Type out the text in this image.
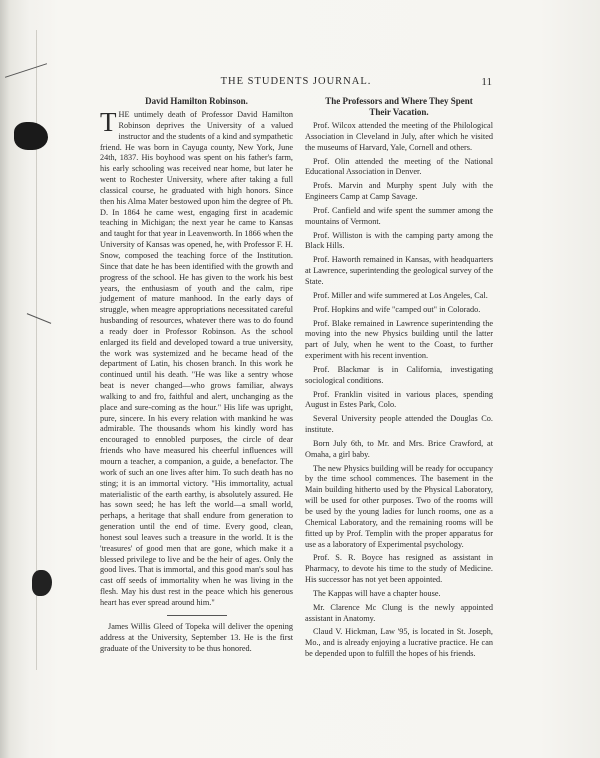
THE STUDENTS JOURNAL.	11
David Hamilton Robinson.

THE untimely death of Professor David Hamilton Robinson deprives the University of a valued instructor and the students of a kind and sympathetic friend. He was born in Cayuga county, New York, June 24th, 1837. His boyhood was spent on his father's farm, his early schooling was received near home, but later he went to Rochester University, where after taking a full classical course, he graduated with high honors. Since then his Alma Mater bestowed upon him the degree of Ph. D. In 1864 he came west, engaging first in academic teaching in Michigan; the next year he came to Kansas and taught for that year in Leavenworth. In 1866 when the University of Kansas was opened, he, with Professor F. H. Snow, composed the teaching force of the Institution. Since that date he has been identified with the growth and progress of the school. He has given to the work his best years, the enthusiasm of youth and the calm, ripe judgement of mature manhood. In the early days of struggle, when meagre appropriations necessitated careful husbanding of resources, whatever there was to do found a ready doer in Professor Robinson. As the school enlarged its field and developed toward a true university, the work was systemized and he became head of the department of Latin, his chosen branch. In this work he continued until his death. "He was like a sentry whose beat is never changed—who grows familiar, always walking to and fro, faithful and alert, unchanging as the place and sure-coming as the hour." His life was upright, pure, sincere. In his every relation with mankind he was admirable. The thousands whom his kindly word has encouraged to ennobled purposes, the circle of dear friends who have measured his cheerful influences will mourn a teacher, a companion, a guide, a benefactor. The work of such an one lives after him. To such death has no sting; it is an immortal victory. "His immortality, actual materialistic of the earth earthy, is absolutely assured. He has sown seed; he has left the world—a small world, perhaps, a heritage that shall endure from generation to generation until the end of time. Every good, clean, honest soul leaves such a treasure in the world. It is the 'treasures' of good men that are gone, which make it a blessed privilege to live and be the heir of ages. Only the good lives. That is immortal, and this good man's soul has cast off seeds of immortality when he was living in the flesh. May his dust rest in the peace which his generous heart has ever spread around him."

James Willis Gleed of Topeka will deliver the opening address at the University, September 13. He is the first graduate of the University to be thus honored.

The Professors and Where They Spent
Their Vacation.

Prof. Wilcox attended the meeting of the Philological Association in Cleveland in July, after which he visited the museums of Harvard, Yale, Cornell and others.

Prof. Olin attended the meeting of the National Educational Association in Denver.

Profs. Marvin and Murphy spent July with the Engineers Camp at Camp Savage.

Prof. Canfield and wife spent the summer among the mountains of Vermont.

Prof. Williston is with the camping party among the Black Hills.

Prof. Haworth remained in Kansas, with headquarters at Lawrence, superintending the geological survey of the State.

Prof. Miller and wife summered at Los Angeles, Cal.

Prof. Hopkins and wife "camped out" in Colorado.

Prof. Blake remained in Lawrence superintending the moving into the new Physics building until the latter part of July, when he went to the Coast, to further experiment with his recent invention.

Prof. Blackmar is in California, investigating sociological conditions.

Prof. Franklin visited in various places, spending August in Estes Park, Colo.

Several University people attended the Douglas Co. institute.

Born July 6th, to Mr. and Mrs. Brice Crawford, at Omaha, a girl baby.

The new Physics building will be ready for occupancy by the time school commences. The basement in the Main building hitherto used by the Physical Laboratory, will be used for other purposes. Two of the rooms will be used by the young ladies for lunch rooms, one as a Chemical Laboratory, and the remaining rooms will be fitted up by Prof. Templin with the proper apparatus for use as a laboratory of Experimental psychology.

Prof. S. R. Boyce has resigned as assistant in Pharmacy, to devote his time to the study of Medicine. His successor has not yet been appointed.

The Kappas will have a chapter house.

Mr. Clarence Mc Clung is the newly appointed assistant in Anatomy.

Claud V. Hickman, Law '95, is located in St. Joseph, Mo., and is already enjoying a lucrative practice. He can be depended upon to fulfill the hopes of his friends.
